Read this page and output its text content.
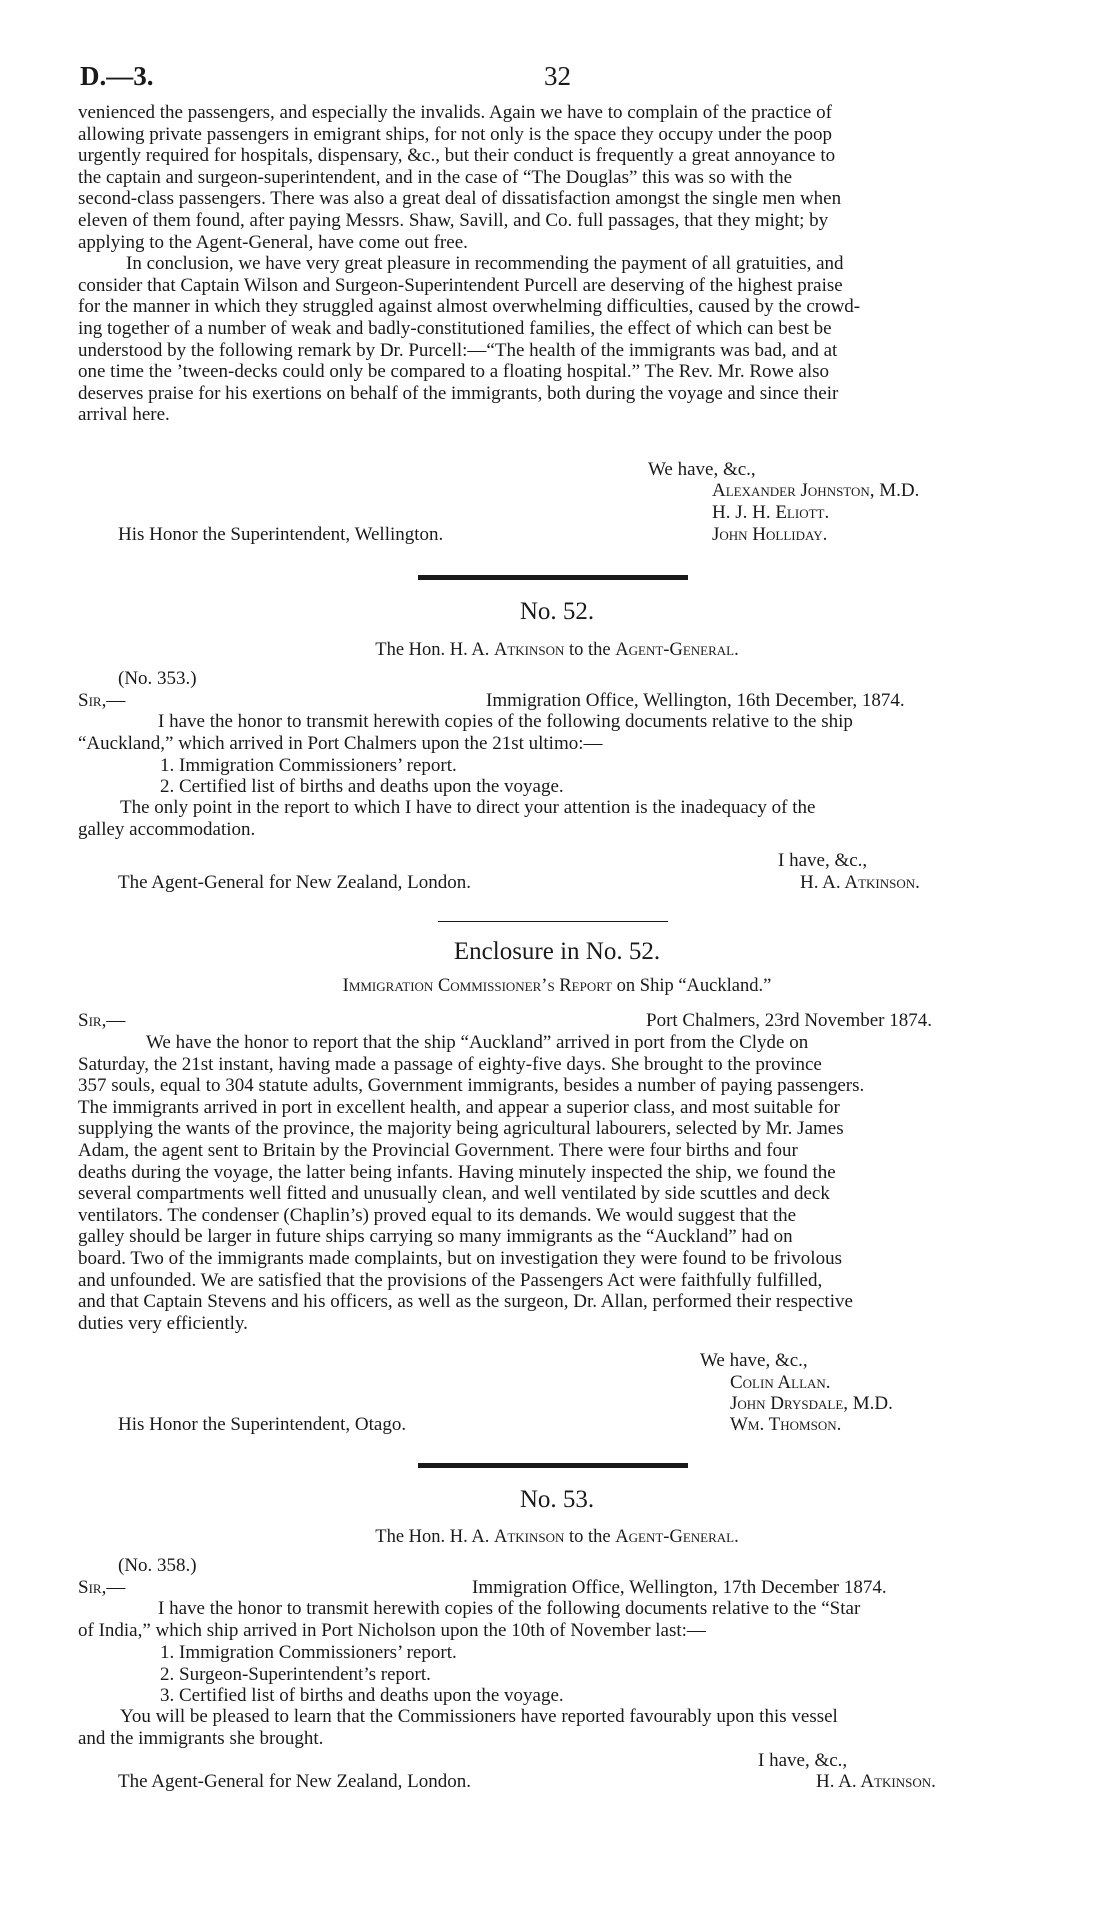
D.—3.	32
venienced the passengers, and especially the invalids. Again we have to complain of the practice of
allowing private passengers in emigrant ships, for not only is the space they occupy under the poop
urgently required for hospitals, dispensary, &c., but their conduct is frequently a great annoyance to
the captain and surgeon-superintendent, and in the case of “The Douglas” this was so with the
second-class passengers. There was also a great deal of dissatisfaction amongst the single men when
eleven of them found, after paying Messrs. Shaw, Savill, and Co. full passages, that they might; by
applying to the Agent-General, have come out free.
In conclusion, we have very great pleasure in recommending the payment of all gratuities, and
consider that Captain Wilson and Surgeon-Superintendent Purcell are deserving of the highest praise
for the manner in which they struggled against almost overwhelming difficulties, caused by the crowd-
ing together of a number of weak and badly-constitutioned families, the effect of which can best be
understood by the following remark by Dr. Purcell:—“The health of the immigrants was bad, and at
one time the ’tween-decks could only be compared to a floating hospital.” The Rev. Mr. Rowe also
deserves praise for his exertions on behalf of the immigrants, both during the voyage and since their
arrival here.
We have, &c.,
Alexander Johnston, M.D.
H. J. H. Eliott.
His Honor the Superintendent, Wellington.	John Holliday.
No. 52.
The Hon. H. A. Atkinson to the Agent-General.
(No. 353.)
Sir,—	Immigration Office, Wellington, 16th December, 1874.
I have the honor to transmit herewith copies of the following documents relative to the ship
“Auckland,” which arrived in Port Chalmers upon the 21st ultimo:—
1. Immigration Commissioners’ report.
2. Certified list of births and deaths upon the voyage.
The only point in the report to which I have to direct your attention is the inadequacy of the
galley accommodation.
I have, &c.,
The Agent-General for New Zealand, London.	H. A. Atkinson.
Enclosure in No. 52.
Immigration Commissioner’s Report on Ship “Auckland.”
Sir,—	Port Chalmers, 23rd November 1874.
We have the honor to report that the ship “Auckland” arrived in port from the Clyde on
Saturday, the 21st instant, having made a passage of eighty-five days. She brought to the province
357 souls, equal to 304 statute adults, Government immigrants, besides a number of paying passengers.
The immigrants arrived in port in excellent health, and appear a superior class, and most suitable for
supplying the wants of the province, the majority being agricultural labourers, selected by Mr. James
Adam, the agent sent to Britain by the Provincial Government. There were four births and four
deaths during the voyage, the latter being infants. Having minutely inspected the ship, we found the
several compartments well fitted and unusually clean, and well ventilated by side scuttles and deck
ventilators. The condenser (Chaplin’s) proved equal to its demands. We would suggest that the
galley should be larger in future ships carrying so many immigrants as the “Auckland” had on
board. Two of the immigrants made complaints, but on investigation they were found to be frivolous
and unfounded. We are satisfied that the provisions of the Passengers Act were faithfully fulfilled,
and that Captain Stevens and his officers, as well as the surgeon, Dr. Allan, performed their respective
duties very efficiently.
We have, &c.,
Colin Allan.
John Drysdale, M.D.
His Honor the Superintendent, Otago.	Wm. Thomson.
No. 53.
The Hon. H. A. Atkinson to the Agent-General.
(No. 358.)
Sir,—	Immigration Office, Wellington, 17th December 1874.
I have the honor to transmit herewith copies of the following documents relative to the “Star
of India,” which ship arrived in Port Nicholson upon the 10th of November last:—
1. Immigration Commissioners’ report.
2. Surgeon-Superintendent’s report.
3. Certified list of births and deaths upon the voyage.
You will be pleased to learn that the Commissioners have reported favourably upon this vessel
and the immigrants she brought.
I have, &c.,
The Agent-General for New Zealand, London.	H. A. Atkinson.
